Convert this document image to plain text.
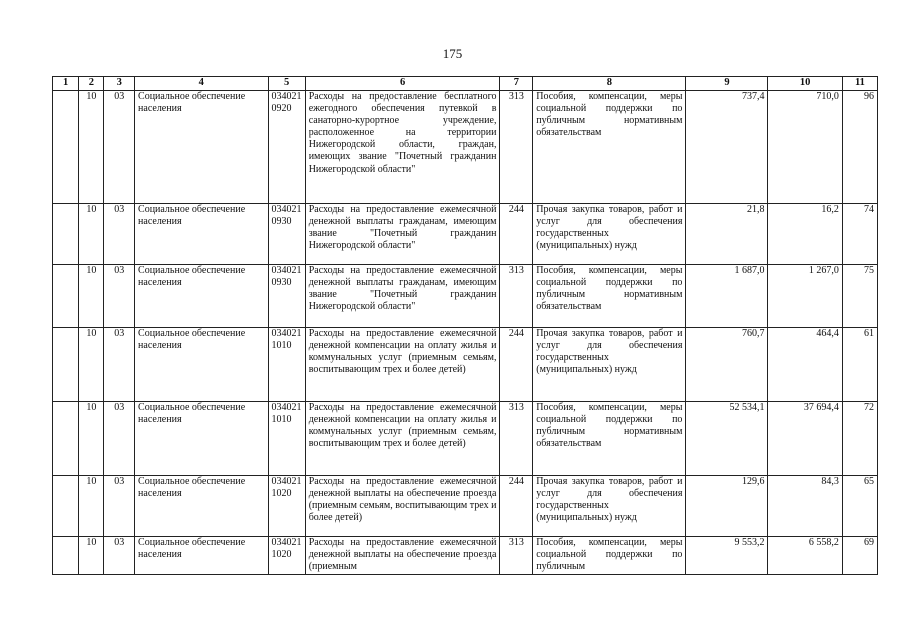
175
1	2	3	4	5	6	7	8	9	10	11
	10	03	Социальное обеспечение населения	034021 0920	Расходы на предоставление бесплатного ежегодного обеспечения путевкой в санаторно-курортное учреждение, расположенное на территории Нижегородской области, граждан, имеющих звание "Почетный гражданин Нижегородской области"	313	Пособия, компенсации, меры социальной поддержки по публичным нормативным обязательствам	737,4	710,0	96
	10	03	Социальное обеспечение населения	034021 0930	Расходы на предоставление ежемесячной денежной выплаты гражданам, имеющим звание "Почетный гражданин Нижегородской области"	244	Прочая закупка товаров, работ и услуг для обеспечения государственных (муниципальных) нужд	21,8	16,2	74
	10	03	Социальное обеспечение населения	034021 0930	Расходы на предоставление ежемесячной денежной выплаты гражданам, имеющим звание "Почетный гражданин Нижегородской области"	313	Пособия, компенсации, меры социальной поддержки по публичным нормативным обязательствам	1 687,0	1 267,0	75
	10	03	Социальное обеспечение населения	034021 1010	Расходы на предоставление ежемесячной денежной компенсации на оплату жилья и коммунальных услуг (приемным семьям, воспитывающим трех и более детей)	244	Прочая закупка товаров, работ и услуг для обеспечения государственных (муниципальных) нужд	760,7	464,4	61
	10	03	Социальное обеспечение населения	034021 1010	Расходы на предоставление ежемесячной денежной компенсации на оплату жилья и коммунальных услуг (приемным семьям, воспитывающим трех и более детей)	313	Пособия, компенсации, меры социальной поддержки по публичным нормативным обязательствам	52 534,1	37 694,4	72
	10	03	Социальное обеспечение населения	034021 1020	Расходы на предоставление ежемесячной денежной выплаты на обеспечение проезда (приемным семьям, воспитывающим трех и более детей)	244	Прочая закупка товаров, работ и услуг для обеспечения государственных (муниципальных) нужд	129,6	84,3	65
	10	03	Социальное обеспечение населения	034021 1020	Расходы на предоставление ежемесячной денежной выплаты на обеспечение проезда (приемным	313	Пособия, компенсации, меры социальной поддержки по публичным	9 553,2	6 558,2	69
